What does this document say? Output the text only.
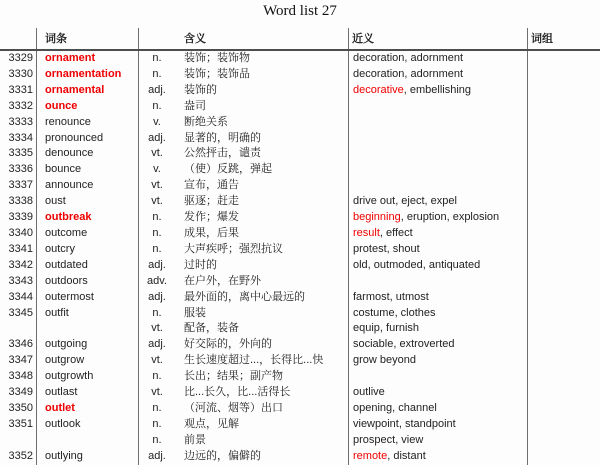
Word list 27
词条	含义	近义	词组
3329 ornament	n.	装饰；装饰物	decoration, adornment
3330 ornamentation	n.	装饰；装饰品	decoration, adornment
3331 ornamental	adj.	装饰的	decorative, embellishing
3332 ounce	n.	盎司
3333 renounce	v.	断绝关系
3334 pronounced	adj.	显著的，明确的
3335 denounce	vt.	公然抨击，谴责
3336 bounce	v.	（使）反跳，弹起
3337 announce	vt.	宣布，通告
3338 oust	vt.	驱逐；赶走	drive out, eject, expel
3339 outbreak	n.	发作；爆发	beginning, eruption, explosion
3340 outcome	n.	成果，后果	result, effect
3341 outcry	n.	大声疾呼；强烈抗议	protest, shout
3342 outdated	adj.	过时的	old, outmoded, antiquated
3343 outdoors	adv.	在户外，在野外
3344 outermost	adj.	最外面的，离中心最远的	farmost, utmost
3345 outfit	n.	服装	costume, clothes
vt.	配备，装备	equip, furnish
3346 outgoing	adj.	好交际的，外向的	sociable, extroverted
3347 outgrow	vt.	生长速度超过...，长得比...快	grow beyond
3348 outgrowth	n.	长出；结果；副产物
3349 outlast	vt.	比...长久，比...活得长	outlive
3350 outlet	n.	（河流、烟等）出口	opening, channel
3351 outlook	n.	观点，见解	viewpoint, standpoint
n.	前景	prospect, view
3352 outlying	adj.	边远的，偏僻的	remote, distant
